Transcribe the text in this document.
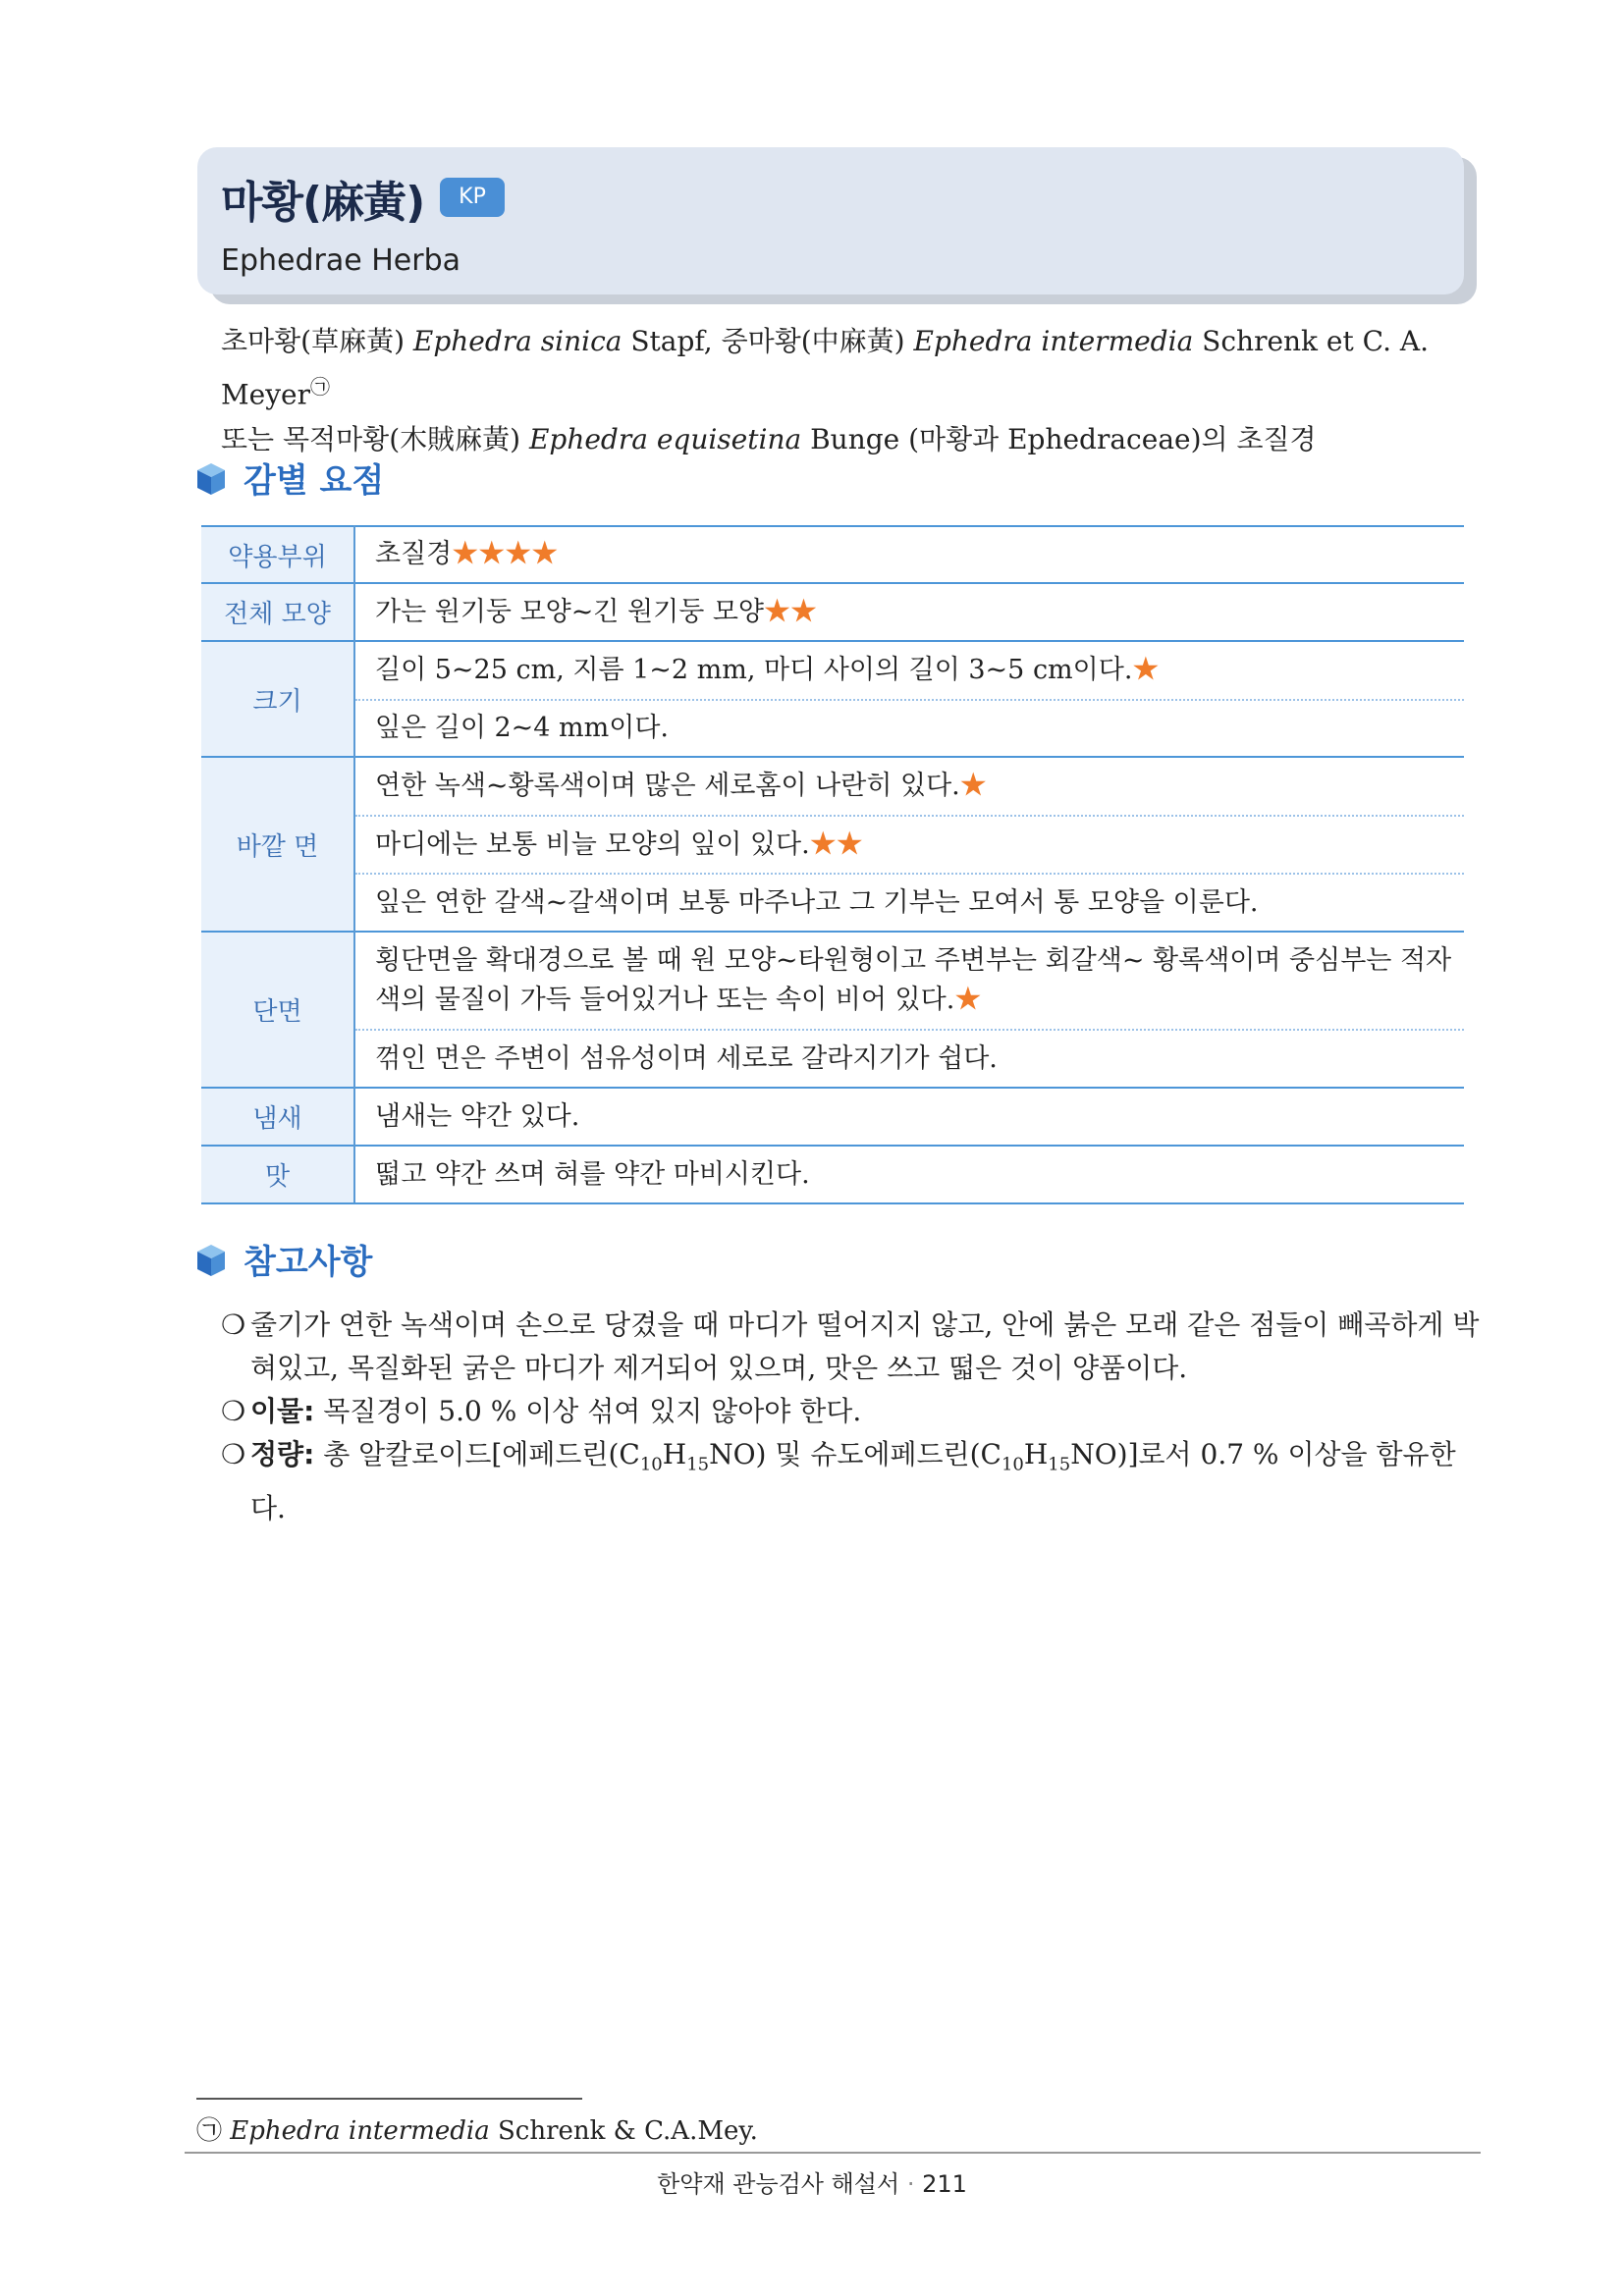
마황(麻黃)	KP
Ephedrae Herba
초마황(草麻黃) Ephedra sinica Stapf, 중마황(中麻黃) Ephedra intermedia Schrenk et C. A. Meyer㉠
또는 목적마황(木賊麻黃) Ephedra equisetina Bunge (마황과 Ephedraceae)의 초질경
감별 요점
약용부위	초질경★★★★
전체 모양	가는 원기둥 모양~긴 원기둥 모양★★
크기	길이 5~25 cm, 지름 1~2 mm, 마디 사이의 길이 3~5 cm이다.★
	잎은 길이 2~4 mm이다.
바깥 면	연한 녹색~황록색이며 많은 세로홈이 나란히 있다.★
	마디에는 보통 비늘 모양의 잎이 있다.★★
	잎은 연한 갈색~갈색이며 보통 마주나고 그 기부는 모여서 통 모양을 이룬다.
단면	횡단면을 확대경으로 볼 때 원 모양~타원형이고 주변부는 회갈색~ 황록색이며 중심부는 적자색의 물질이 가득 들어있거나 또는 속이 비어 있다.★
	꺾인 면은 주변이 섬유성이며 세로로 갈라지기가 쉽다.
냄새	냄새는 약간 있다.
맛	떫고 약간 쓰며 혀를 약간 마비시킨다.
참고사항
❍ 줄기가 연한 녹색이며 손으로 당겼을 때 마디가 떨어지지 않고, 안에 붉은 모래 같은 점들이 빼곡하게 박혀있고, 목질화된 굵은 마디가 제거되어 있으며, 맛은 쓰고 떫은 것이 양품이다.
❍ 이물: 목질경이 5.0 % 이상 섞여 있지 않아야 한다.
❍ 정량: 총 알칼로이드[에페드린$(C_{10}H_{15}NO)$ 및 슈도에페드린$(C_{10}H_{15}NO)$]로서 0.7 % 이상을 함유한다.
㉠ Ephedra intermedia Schrenk & C.A.Mey.
한약재 관능검사 해설서 · 211
